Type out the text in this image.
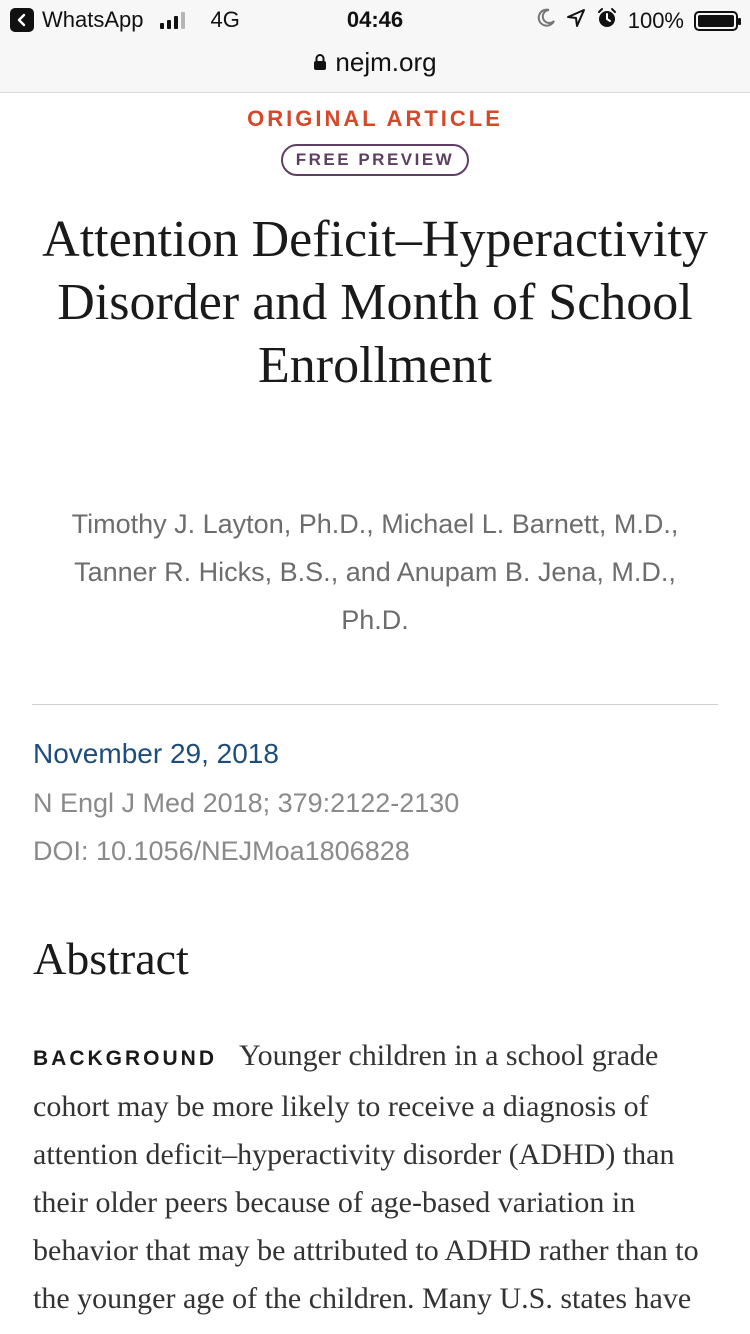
WhatsApp	4G	04:46	100%
nejm.org
ORIGINAL ARTICLE
FREE PREVIEW
Attention Deficit–Hyperactivity Disorder and Month of School Enrollment
Timothy J. Layton, Ph.D., Michael L. Barnett, M.D., Tanner R. Hicks, B.S., and Anupam B. Jena, M.D., Ph.D.
November 29, 2018
N Engl J Med 2018; 379:2122-2130
DOI: 10.1056/NEJMoa1806828
Abstract
BACKGROUND Younger children in a school grade cohort may be more likely to receive a diagnosis of attention deficit–hyperactivity disorder (ADHD) than their older peers because of age-based variation in behavior that may be attributed to ADHD rather than to the younger age of the children. Many U.S. states have
